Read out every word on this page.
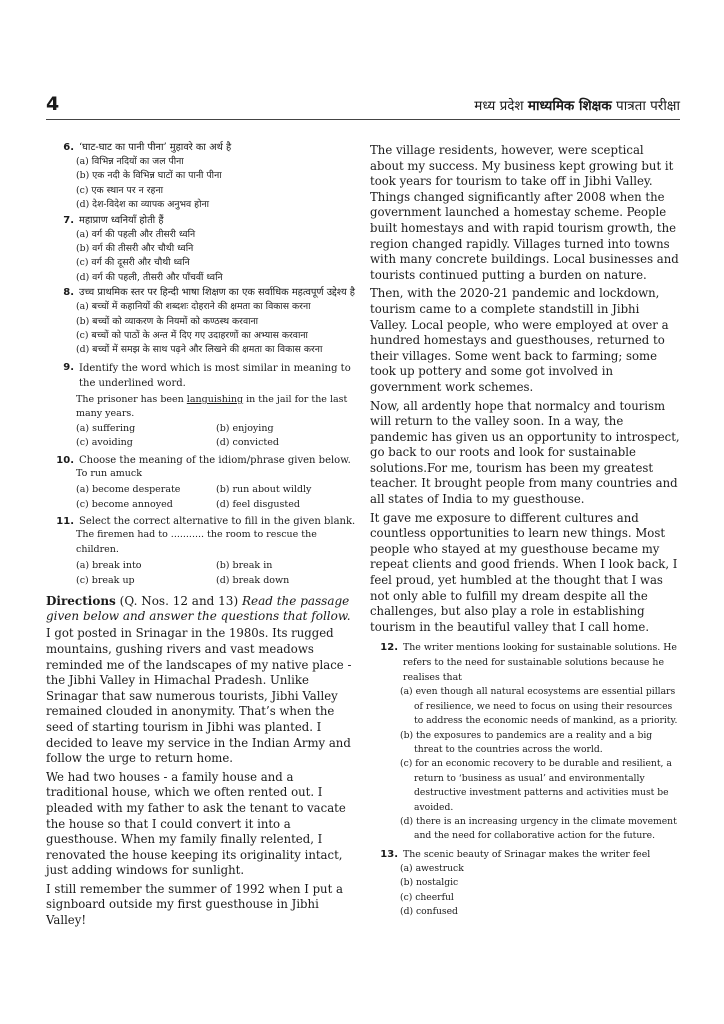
4	मध्य प्रदेश माध्यमिक शिक्षक पात्रता परीक्षा
6. ‘घाट-घाट का पानी पीना’ मुहावरे का अर्थ है
(a) विभिन्न नदियों का जल पीना
(b) एक नदी के विभिन्न घाटों का पानी पीना
(c) एक स्थान पर न रहना
(d) देश-विदेश का व्यापक अनुभव होना
7. महाप्राण ध्वनियाँ होती हैं
(a) वर्ग की पहली और तीसरी ध्वनि
(b) वर्ग की तीसरी और चौथी ध्वनि
(c) वर्ग की दूसरी और चौथी ध्वनि
(d) वर्ग की पहली, तीसरी और पाँचवीं ध्वनि
8. उच्च प्राथमिक स्तर पर हिन्दी भाषा शिक्षण का एक सर्वाधिक महत्वपूर्ण उद्देश्य है
(a) बच्चों में कहानियों की शब्दशः दोहराने की क्षमता का विकास करना
(b) बच्चों को व्याकरण के नियमों को कण्ठस्थ करवाना
(c) बच्चों को पाठों के अन्त में दिए गए उदाहरणों का अभ्यास करवाना
(d) बच्चों में समझ के साथ पढ़ने और लिखने की क्षमता का विकास करना
9. Identify the word which is most similar in meaning to the underlined word.
The prisoner has been languishing in the jail for the last many years.
(a) suffering	(b) enjoying
(c) avoiding	(d) convicted
10. Choose the meaning of the idiom/phrase given below.
To run amuck
(a) become desperate	(b) run about wildly
(c) become annoyed	(d) feel disgusted
11. Select the correct alternative to fill in the given blank.
The firemen had to ........... the room to rescue the children.
(a) break into	(b) break in
(c) break up	(d) break down
Directions (Q. Nos. 12 and 13) Read the passage given below and answer the questions that follow.

I got posted in Srinagar in the 1980s. Its rugged mountains, gushing rivers and vast meadows reminded me of the landscapes of my native place - the Jibhi Valley in Himachal Pradesh. Unlike Srinagar that saw numerous tourists, Jibhi Valley remained clouded in anonymity. That’s when the seed of starting tourism in Jibhi was planted. I decided to leave my service in the Indian Army and follow the urge to return home.

We had two houses - a family house and a traditional house, which we often rented out. I pleaded with my father to ask the tenant to vacate the house so that I could convert it into a guesthouse. When my family finally relented, I renovated the house keeping its originality intact, just adding windows for sunlight.

I still remember the summer of 1992 when I put a signboard outside my first guesthouse in Jibhi Valley!

The village residents, however, were sceptical about my success. My business kept growing but it took years for tourism to take off in Jibhi Valley. Things changed significantly after 2008 when the government launched a homestay scheme. People built homestays and with rapid tourism growth, the region changed rapidly. Villages turned into towns with many concrete buildings. Local businesses and tourists continued putting a burden on nature.

Then, with the 2020-21 pandemic and lockdown, tourism came to a complete standstill in Jibhi Valley. Local people, who were employed at over a hundred homestays and guesthouses, returned to their villages. Some went back to farming; some took up pottery and some got involved in government work schemes.

Now, all ardently hope that normalcy and tourism will return to the valley soon. In a way, the pandemic has given us an opportunity to introspect, go back to our roots and look for sustainable solutions.For me, tourism has been my greatest teacher. It brought people from many countries and all states of India to my guesthouse.

It gave me exposure to different cultures and countless opportunities to learn new things. Most people who stayed at my guesthouse became my repeat clients and good friends. When I look back, I feel proud, yet humbled at the thought that I was not only able to fulfill my dream despite all the challenges, but also play a role in establishing tourism in the beautiful valley that I call home.

12. The writer mentions looking for sustainable solutions. He refers to the need for sustainable solutions because he realises that
(a) even though all natural ecosystems are essential pillars of resilience, we need to focus on using their resources to address the economic needs of mankind, as a priority.
(b) the exposures to pandemics are a reality and a big threat to the countries across the world.
(c) for an economic recovery to be durable and resilient, a return to ‘business as usual’ and environmentally destructive investment patterns and activities must be avoided.
(d) there is an increasing urgency in the climate movement and the need for collaborative action for the future.
13. The scenic beauty of Srinagar makes the writer feel
(a) awestruck
(b) nostalgic
(c) cheerful
(d) confused
